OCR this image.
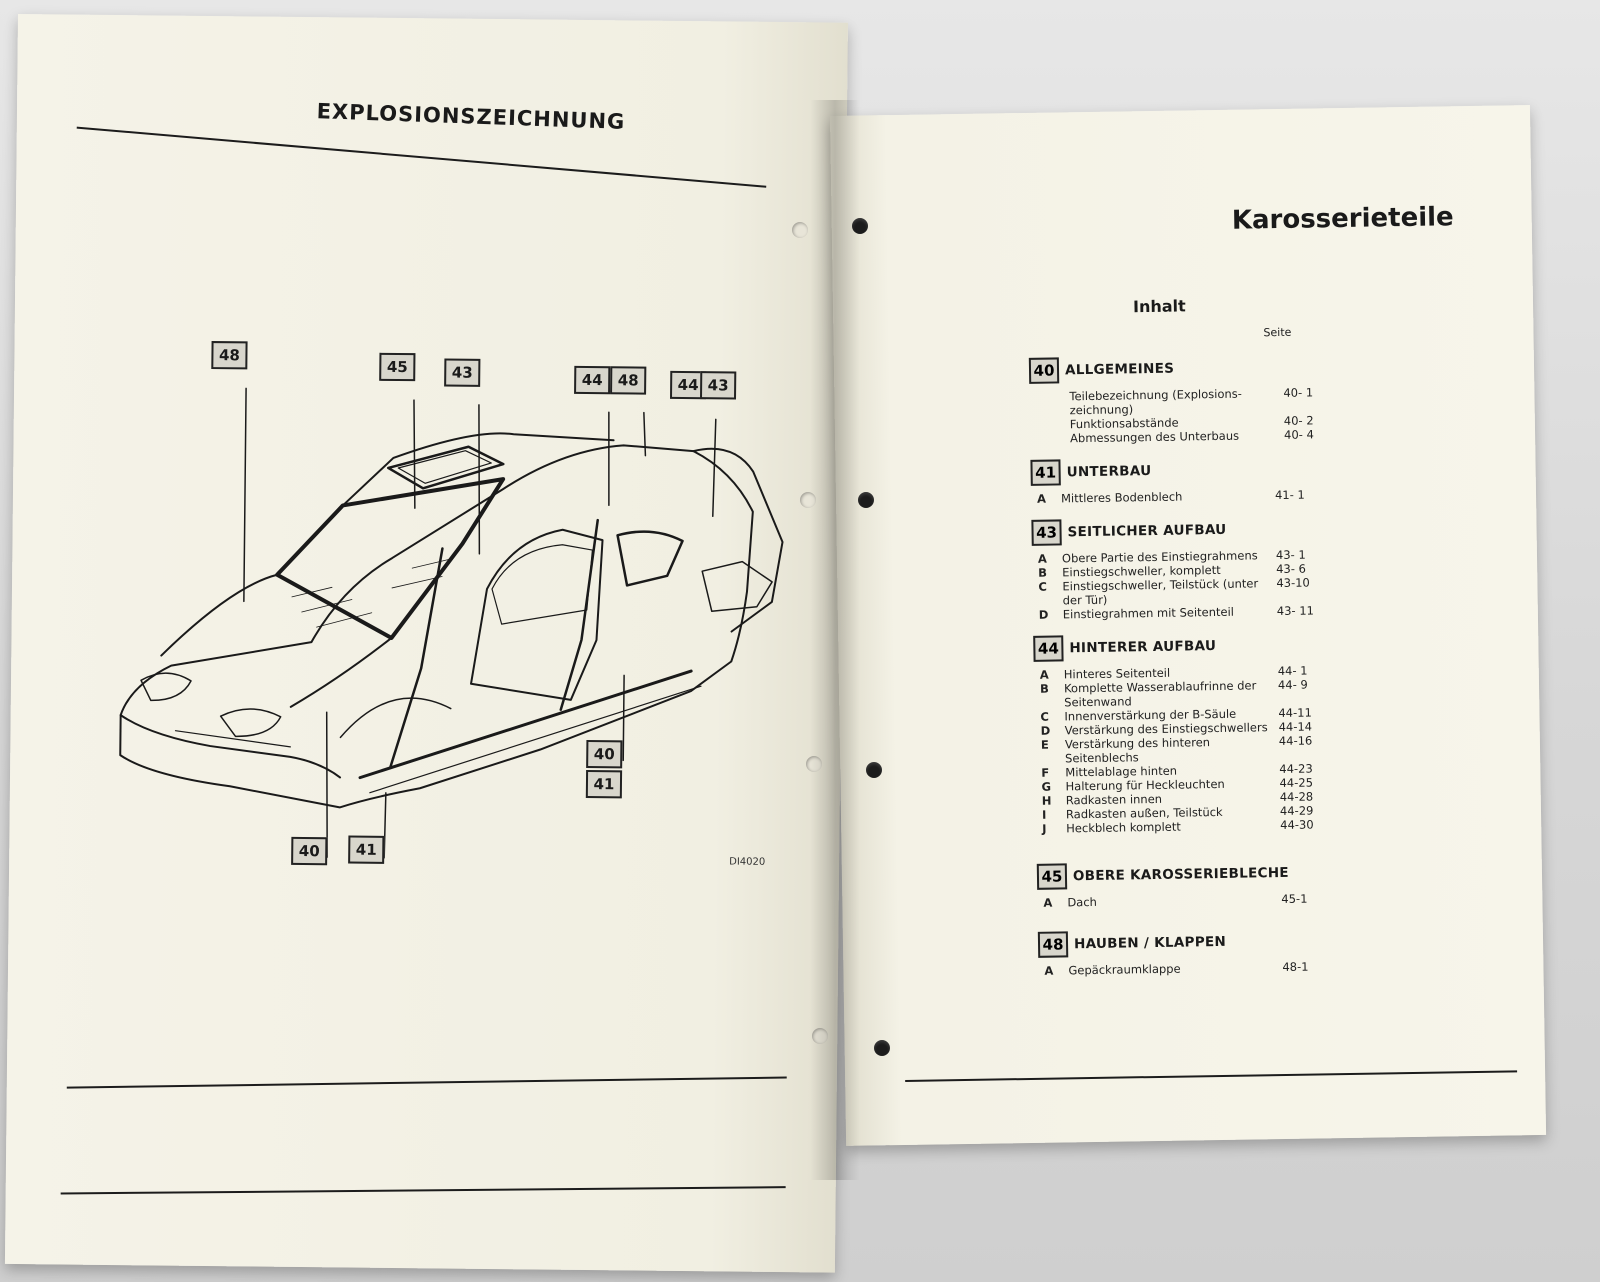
EXPLOSIONSZEICHNUNG
48
45	43	44 48	44 43
40
41
40	41
DI4020
Karosserieteile
Inhalt
Seite
40 ALLGEMEINES
Teilebezeichnung (Explosions-zeichnung)
40- 1
Funktionsabstände	40- 2
Abmessungen des Unterbaus	40- 4
41 UNTERBAU
A	Mittleres Bodenblech	41- 1
43 SEITLICHER AUFBAU
A	Obere Partie des Einstiegrahmens	43- 1
B	Einstiegschweller, komplett	43- 6
C	Einstiegschweller, Teilstück (unter der Tür)
43-10
D	Einstiegrahmen mit Seitenteil	43- 11
44 HINTERER AUFBAU
A	Hinteres Seitenteil	44- 1
B	Komplette Wasserablaufrinne der Seitenwand
44- 9
C	Innenverstärkung der B-Säule	44-11
D	Verstärkung des Einstiegschwellers 44-14
E	Verstärkung des hinteren Seitenblechs
44-16
F	Mittelablage hinten	44-23
G	Halterung für Heckleuchten	44-25
H	Radkasten innen	44-28
I	Radkasten außen, Teilstück	44-29
J	Heckblech komplett	44-30
45 OBERE KAROSSERIEBLECHE
A	Dach	45-1
48 HAUBEN / KLAPPEN
A	Gepäckraumklappe	48-1
